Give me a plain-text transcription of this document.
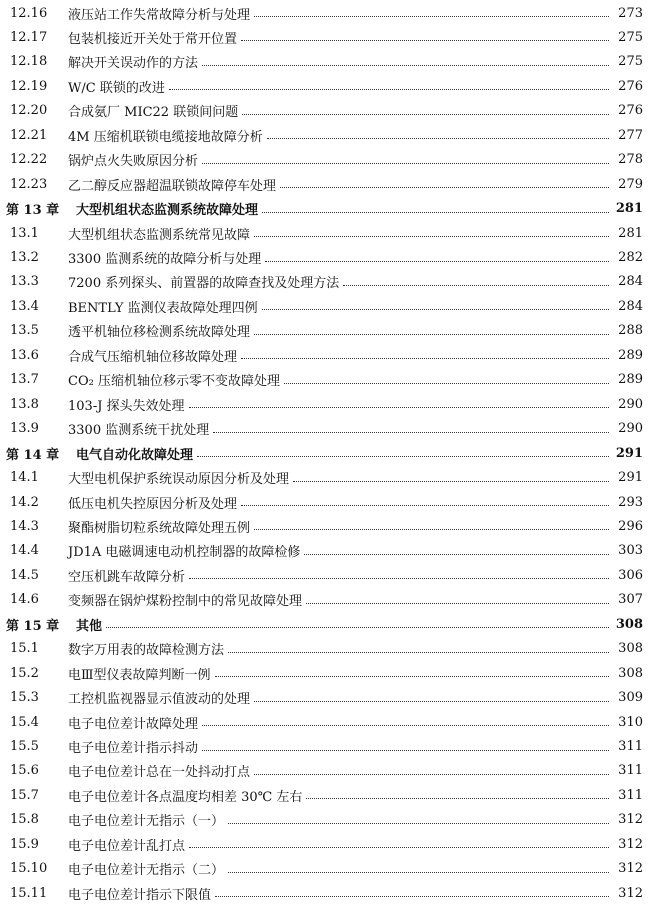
12.16	液压站工作失常故障分析与处理	273
12.17	包装机接近开关处于常开位置	275
12.18	解决开关误动作的方法	275
12.19	W/C 联锁的改进	276
12.20	合成氨厂 MIC22 联锁间问题	276
12.21	4M 压缩机联锁电缆接地故障分析	277
12.22	锅炉点火失败原因分析	278
12.23	乙二醇反应器超温联锁故障停车处理	279
第 13 章	大型机组状态监测系统故障处理	281
13.1	大型机组状态监测系统常见故障	281
13.2	3300 监测系统的故障分析与处理	282
13.3	7200 系列探头、前置器的故障查找及处理方法	284
13.4	BENTLY 监测仪表故障处理四例	284
13.5	透平机轴位移检测系统故障处理	288
13.6	合成气压缩机轴位移故障处理	289
13.7	CO₂ 压缩机轴位移示零不变故障处理	289
13.8	103-J 探头失效处理	290
13.9	3300 监测系统干扰处理	290
第 14 章	电气自动化故障处理	291
14.1	大型电机保护系统误动原因分析及处理	291
14.2	低压电机失控原因分析及处理	293
14.3	聚酯树脂切粒系统故障处理五例	296
14.4	JD1A 电磁调速电动机控制器的故障检修	303
14.5	空压机跳车故障分析	306
14.6	变频器在锅炉煤粉控制中的常见故障处理	307
第 15 章	其他	308
15.1	数字万用表的故障检测方法	308
15.2	电Ⅲ型仪表故障判断一例	308
15.3	工控机监视器显示值波动的处理	309
15.4	电子电位差计故障处理	310
15.5	电子电位差计指示抖动	311
15.6	电子电位差计总在一处抖动打点	311
15.7	电子电位差计各点温度均相差 30℃ 左右	311
15.8	电子电位差计无指示（一）	312
15.9	电子电位差计乱打点	312
15.10	电子电位差计无指示（二）	312
15.11	电子电位差计指示下限值	312
